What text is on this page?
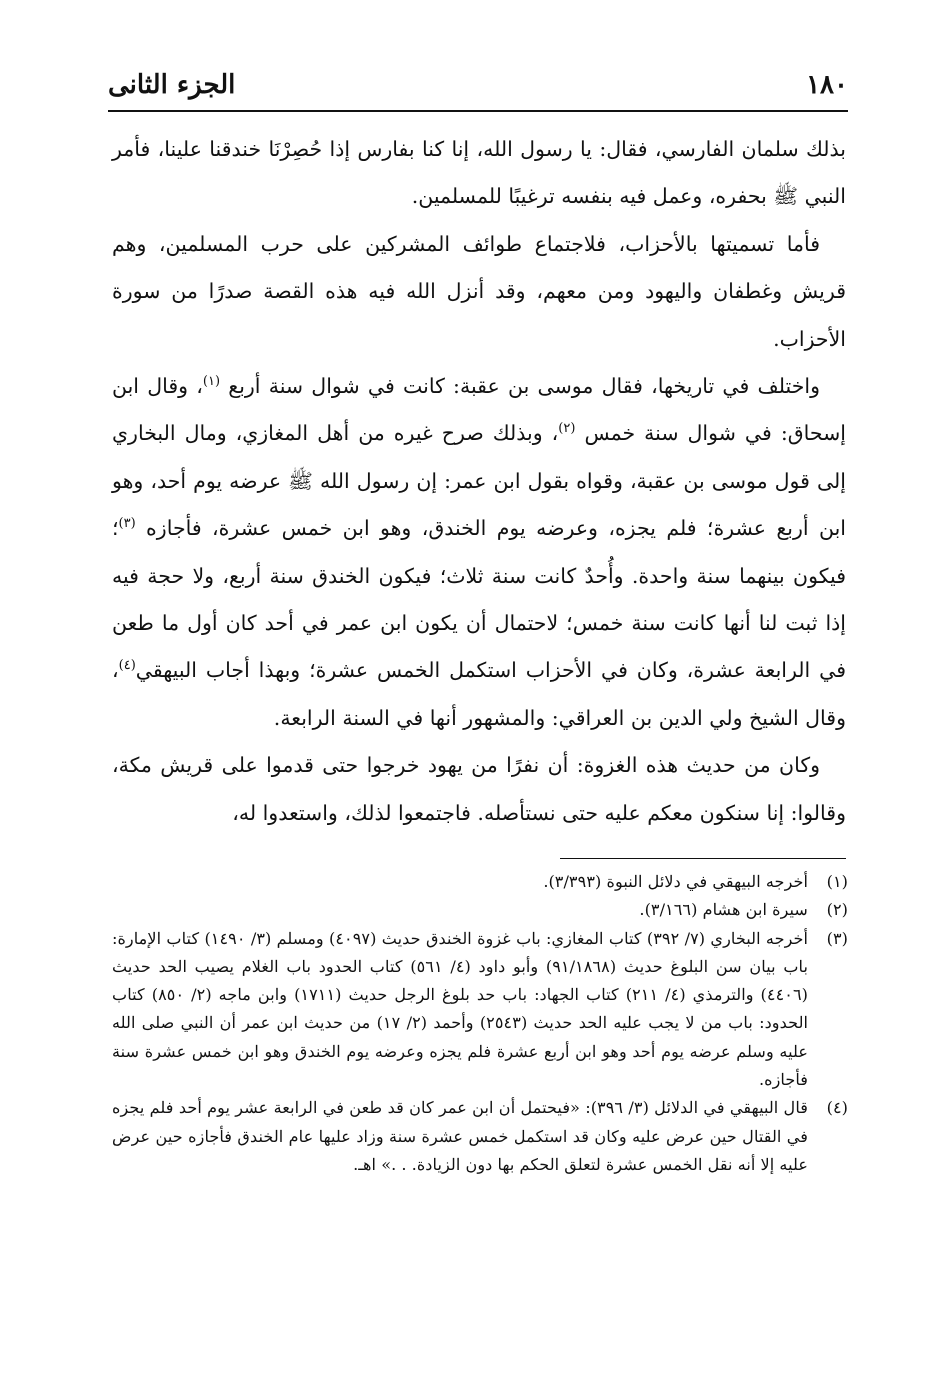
١٨٠
الجزء الثانى

بذلك سلمان الفارسي، فقال: يا رسول الله، إنا كنا بفارس إذا حُصِرْنَا خندقنا علينا، فأمر النبي ﷺ بحفره، وعمل فيه بنفسه ترغيبًا للمسلمين.

فأما تسميتها بالأحزاب، فلاجتماع طوائف المشركين على حرب المسلمين، وهم قريش وغطفان واليهود ومن معهم، وقد أنزل الله فيه هذه القصة صدرًا من سورة الأحزاب.

واختلف في تاريخها، فقال موسى بن عقبة: كانت في شوال سنة أربع $^{(١)}$، وقال ابن إسحاق: في شوال سنة خمس $^{(٢)}$، وبذلك صرح غيره من أهل المغازي، ومال البخاري إلى قول موسى بن عقبة، وقواه بقول ابن عمر: إن رسول الله ﷺ عرضه يوم أحد، وهو ابن أربع عشرة؛ فلم يجزه، وعرضه يوم الخندق، وهو ابن خمس عشرة، فأجازه $^{(٣)}$؛ فيكون بينهما سنة واحدة. وأُحدٌ كانت سنة ثلاث؛ فيكون الخندق سنة أربع، ولا حجة فيه إذا ثبت لنا أنها كانت سنة خمس؛ لاحتمال أن يكون ابن عمر في أحد كان أول ما طعن في الرابعة عشرة، وكان في الأحزاب استكمل الخمس عشرة؛ وبهذا أجاب البيهقي$^{(٤)}$، وقال الشيخ ولي الدين بن العراقي: والمشهور أنها في السنة الرابعة.

وكان من حديث هذه الغزوة: أن نفرًا من يهود خرجوا حتى قدموا على قريش مكة، وقالوا: إنا سنكون معكم عليه حتى نستأصله. فاجتمعوا لذلك، واستعدوا له،

(١)
أخرجه البيهقي في دلائل النبوة (٣/٣٩٣).
(٢)
سيرة ابن هشام (٣/١٦٦).
(٣)
أخرجه البخاري (٧/ ٣٩٢) كتاب المغازي: باب غزوة الخندق حديث (٤٠٩٧) ومسلم (٣/ ١٤٩٠) كتاب الإمارة: باب بيان سن البلوغ حديث (٩١/١٨٦٨) وأبو داود (٤/ ٥٦١) كتاب الحدود باب الغلام يصيب الحد حديث (٤٤٠٦) والترمذي (٤/ ٢١١) كتاب الجهاد: باب حد بلوغ الرجل حديث (١٧١١) وابن ماجه (٢/ ٨٥٠) كتاب الحدود: باب من لا يجب عليه الحد حديث (٢٥٤٣) وأحمد (٢/ ١٧) من حديث ابن عمر أن النبي صلى الله عليه وسلم عرضه يوم أحد وهو ابن أربع عشرة فلم يجزه وعرضه يوم الخندق وهو ابن خمس عشرة سنة فأجازه.
(٤)
قال البيهقي في الدلائل (٣/ ٣٩٦): «فيحتمل أن ابن عمر كان قد طعن في الرابعة عشر يوم أحد فلم يجزه في القتال حين عرض عليه وكان قد استكمل خمس عشرة سنة وزاد عليها عام الخندق فأجازه حين عرض عليه إلا أنه نقل الخمس عشرة لتعلق الحكم بها دون الزيادة. . .» اهـ.
